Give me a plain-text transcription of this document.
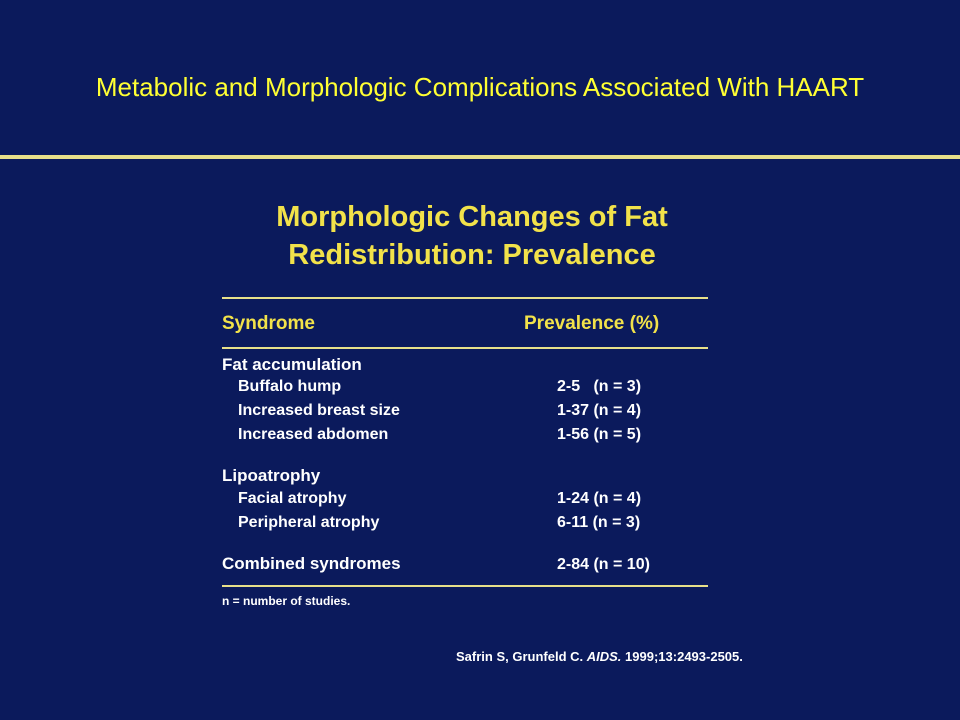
Metabolic and Morphologic Complications Associated With HAART
Morphologic Changes of Fat
Redistribution: Prevalence
Syndrome	Prevalence (%)
Fat accumulation
Buffalo hump	2-5   (n = 3)
Increased breast size	1-37 (n = 4)
Increased abdomen	1-56 (n = 5)
Lipoatrophy
Facial atrophy	1-24 (n = 4)
Peripheral atrophy	6-11 (n = 3)
Combined syndromes	2-84 (n = 10)
n = number of studies.
Safrin S, Grunfeld C. AIDS. 1999;13:2493-2505.
